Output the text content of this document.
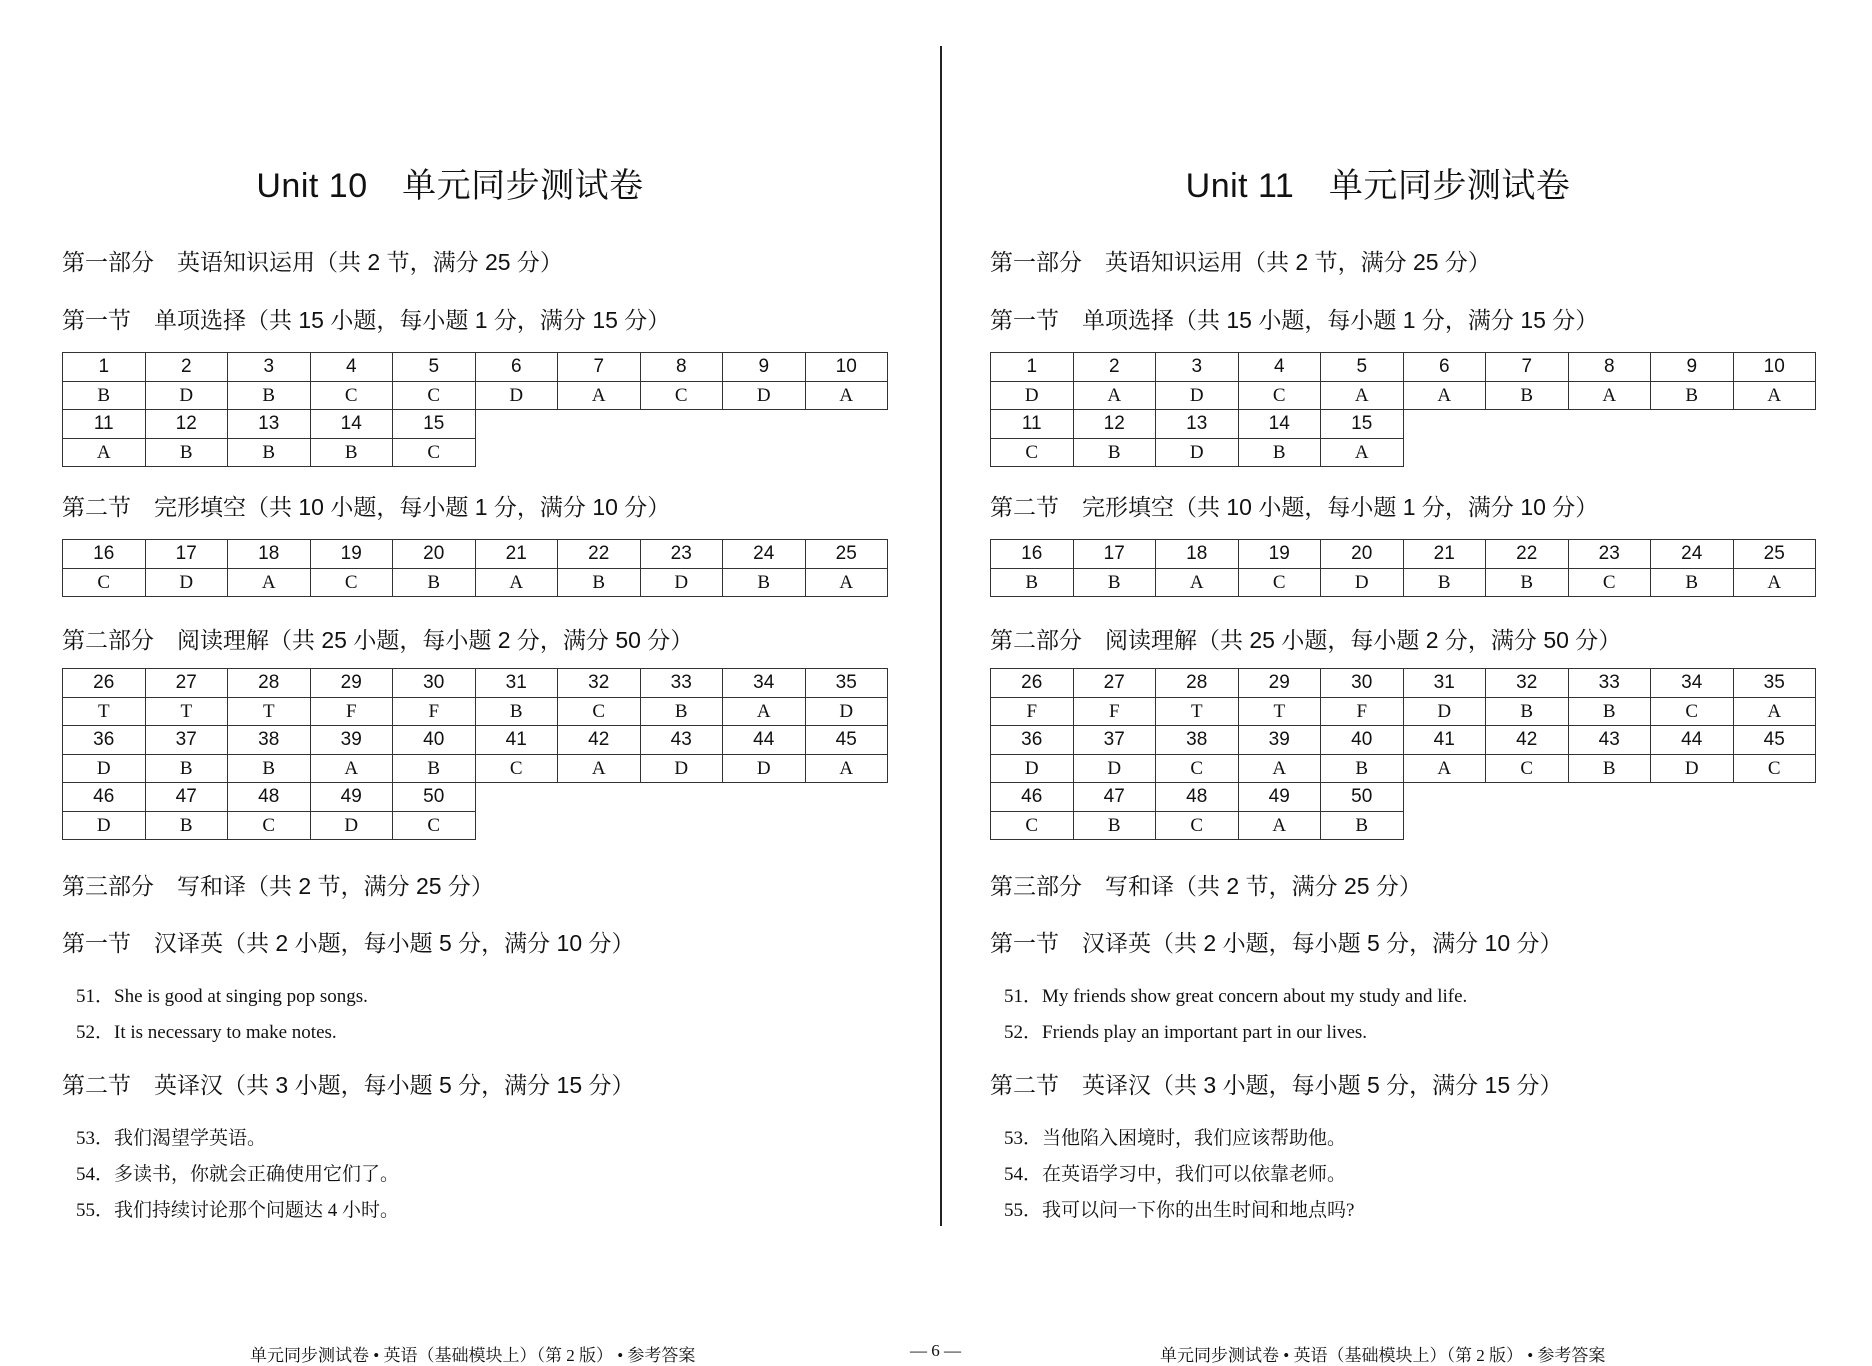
Unit 10　单元同步测试卷
第一部分　英语知识运用（共 2 节，满分 25 分）
第一节　单项选择（共 15 小题，每小题 1 分，满分 15 分）
1	2	3	4	5	6	7	8	9	10
B	D	B	C	C	D	A	C	D	A
11	12	13	14	15					
A	B	B	B	C					
第二节　完形填空（共 10 小题，每小题 1 分，满分 10 分）
16	17	18	19	20	21	22	23	24	25
C	D	A	C	B	A	B	D	B	A
第二部分　阅读理解（共 25 小题，每小题 2 分，满分 50 分）
26	27	28	29	30	31	32	33	34	35
T	T	T	F	F	B	C	B	A	D
36	37	38	39	40	41	42	43	44	45
D	B	B	A	B	C	A	D	D	A
46	47	48	49	50					
D	B	C	D	C					
第三部分　写和译（共 2 节，满分 25 分）
第一节　汉译英（共 2 小题，每小题 5 分，满分 10 分）
51．She is good at singing pop songs.
52．It is necessary to make notes.
第二节　英译汉（共 3 小题，每小题 5 分，满分 15 分）
53．我们渴望学英语。
54．多读书，你就会正确使用它们了。
55．我们持续讨论那个问题达 4 小时。
Unit 11　单元同步测试卷
第一部分　英语知识运用（共 2 节，满分 25 分）
第一节　单项选择（共 15 小题，每小题 1 分，满分 15 分）
1	2	3	4	5	6	7	8	9	10
D	A	D	C	A	A	B	A	B	A
11	12	13	14	15					
C	B	D	B	A					
第二节　完形填空（共 10 小题，每小题 1 分，满分 10 分）
16	17	18	19	20	21	22	23	24	25
B	B	A	C	D	B	B	C	B	A
第二部分　阅读理解（共 25 小题，每小题 2 分，满分 50 分）
26	27	28	29	30	31	32	33	34	35
F	F	T	T	F	D	B	B	C	A
36	37	38	39	40	41	42	43	44	45
D	D	C	A	B	A	C	B	D	C
46	47	48	49	50					
C	B	C	A	B					
第三部分　写和译（共 2 节，满分 25 分）
第一节　汉译英（共 2 小题，每小题 5 分，满分 10 分）
51．My friends show great concern about my study and life.
52．Friends play an important part in our lives.
第二节　英译汉（共 3 小题，每小题 5 分，满分 15 分）
53．当他陷入困境时，我们应该帮助他。
54．在英语学习中，我们可以依靠老师。
55．我可以问一下你的出生时间和地点吗?
单元同步测试卷 • 英语（基础模块上）（第 2 版） • 参考答案	— 6 —	单元同步测试卷 • 英语（基础模块上）（第 2 版） • 参考答案
